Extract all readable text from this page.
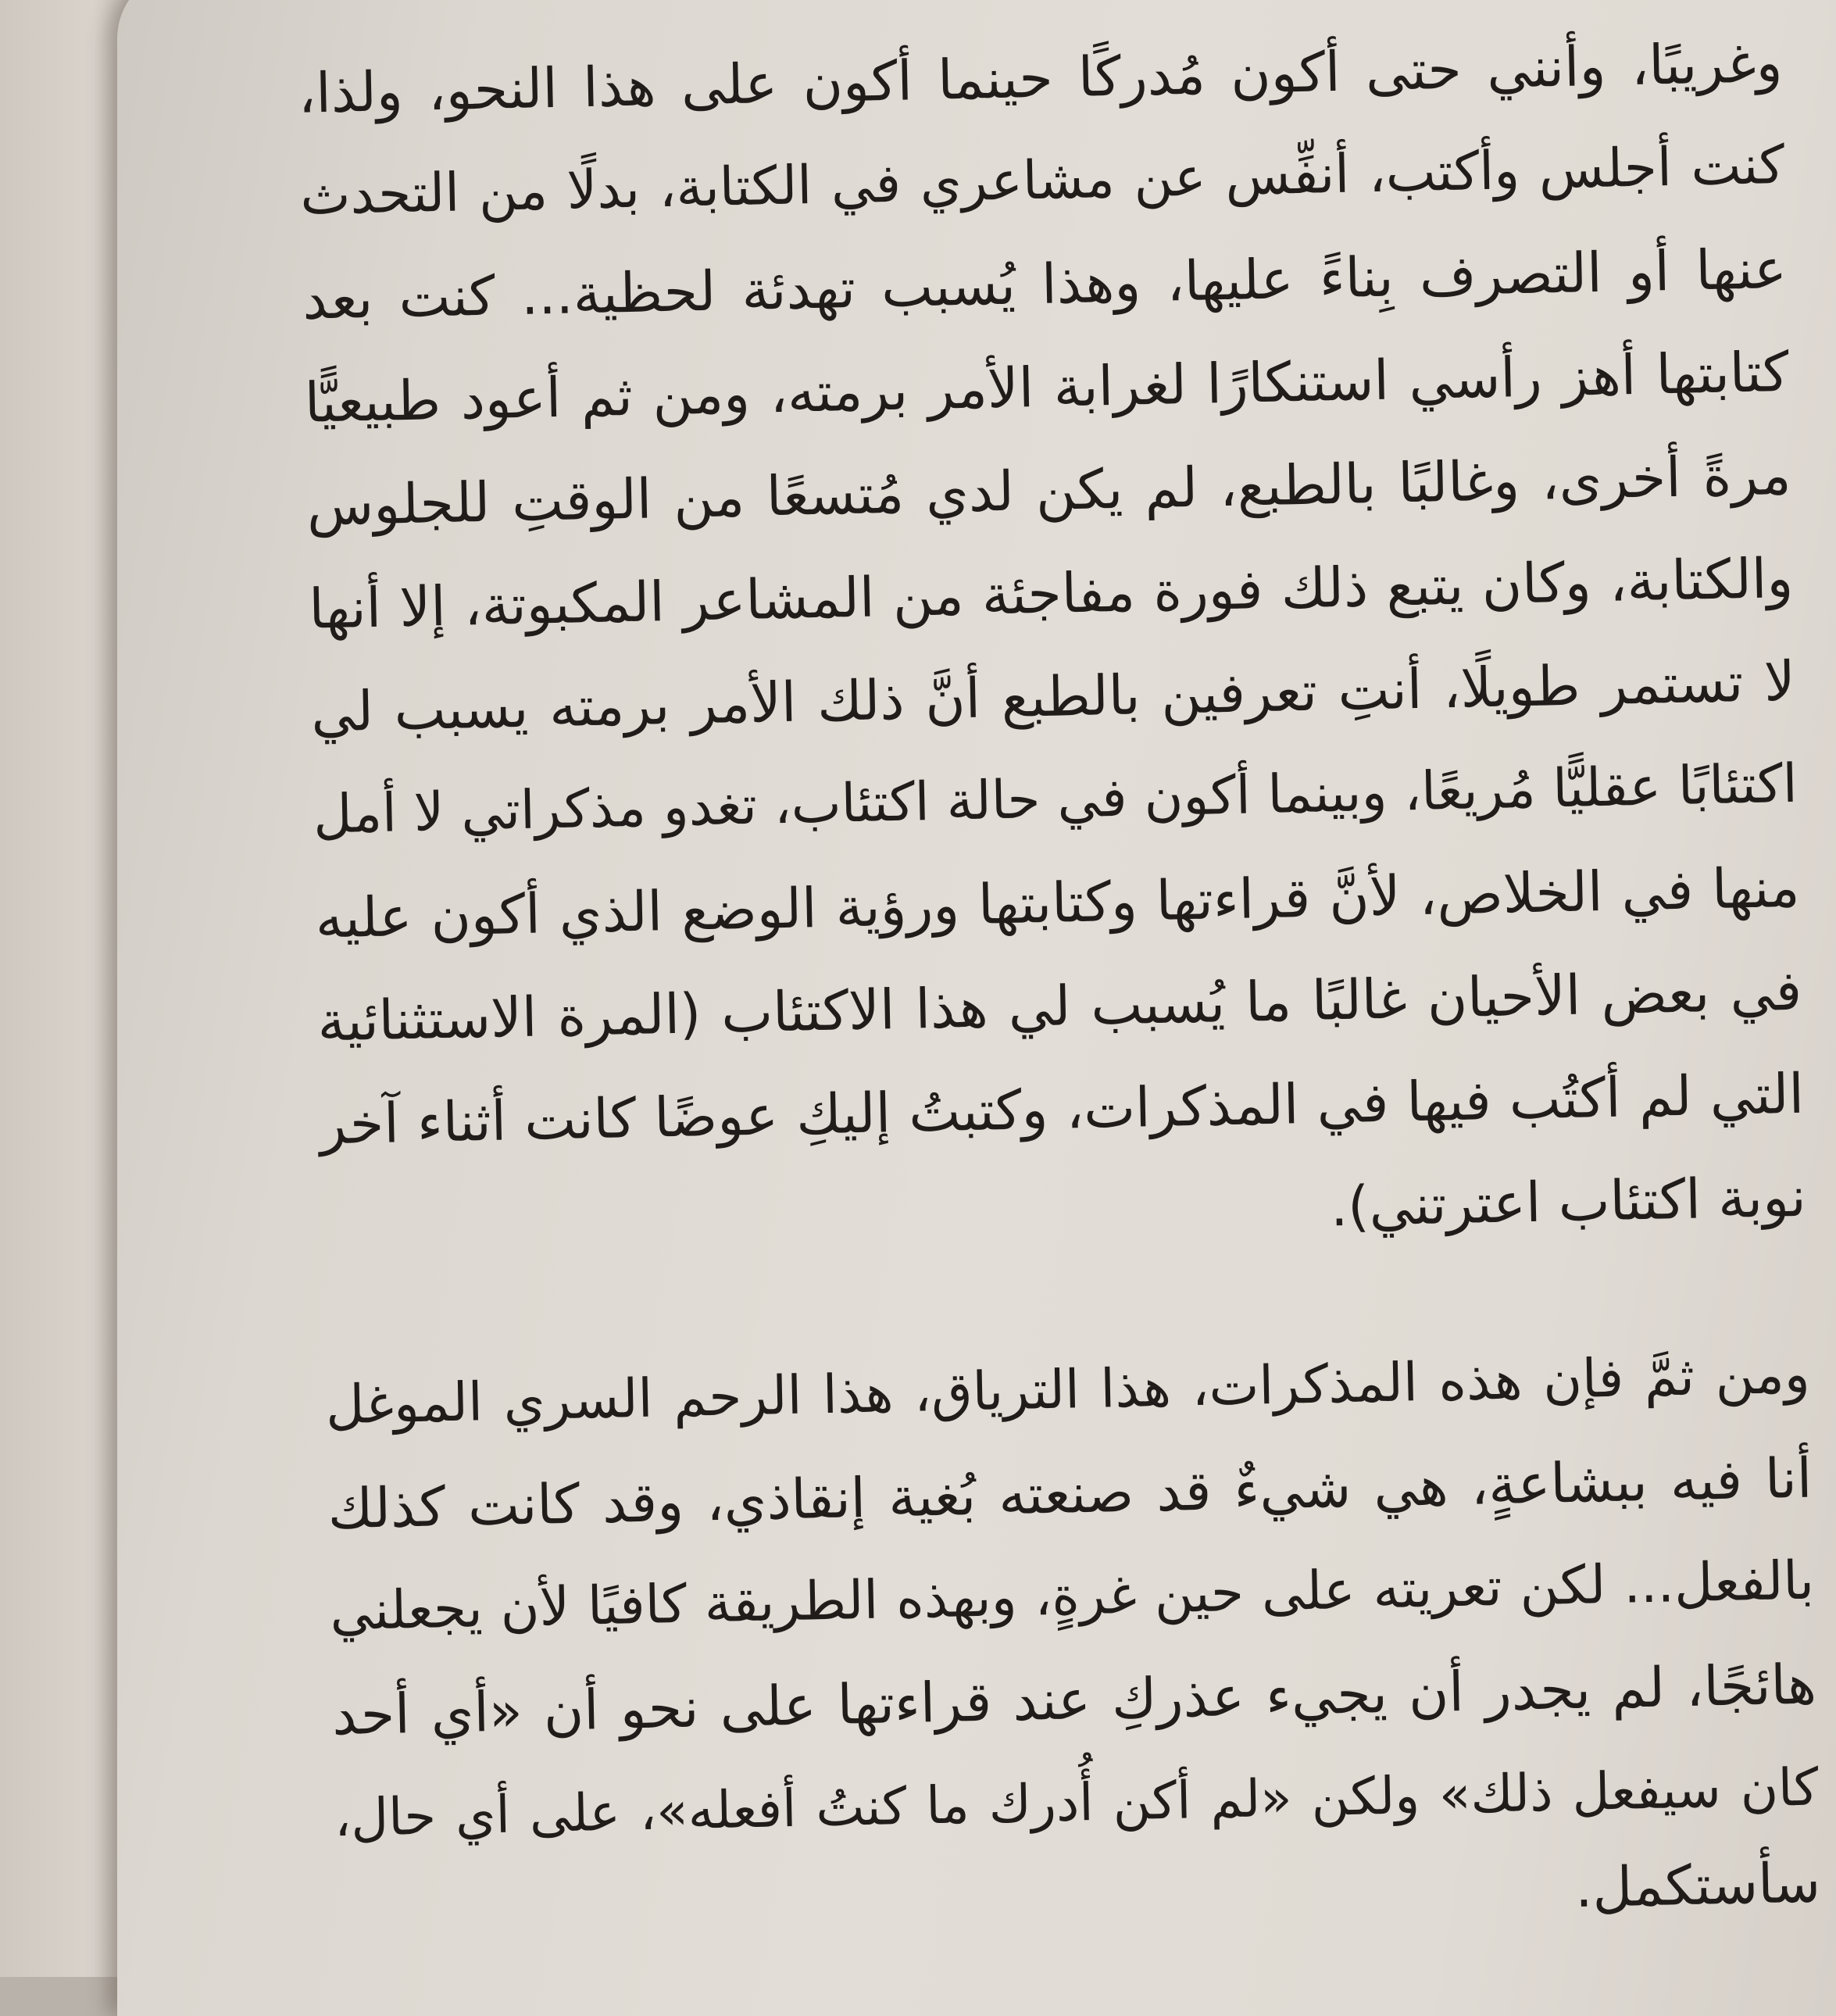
وغريبًا، وأنني حتى أكون مُدركًا حينما أكون على هذا النحو، ولذا،
كنت أجلس وأكتب، أنفِّس عن مشاعري في الكتابة، بدلًا من التحدث
عنها أو التصرف بِناءً عليها، وهذا يُسبب تهدئة لحظية... كنت بعد
كتابتها أهز رأسي استنكارًا لغرابة الأمر برمته، ومن ثم أعود طبيعيًّا
مرةً أخرى، وغالبًا بالطبع، لم يكن لدي مُتسعًا من الوقتِ للجلوس
والكتابة، وكان يتبع ذلك فورة مفاجئة من المشاعر المكبوتة، إلا أنها
لا تستمر طويلًا، أنتِ تعرفين بالطبع أنَّ ذلك الأمر برمته يسبب لي
اكتئابًا عقليًّا مُريعًا، وبينما أكون في حالة اكتئاب، تغدو مذكراتي لا أمل
منها في الخلاص، لأنَّ قراءتها وكتابتها ورؤية الوضع الذي أكون عليه
في بعض الأحيان غالبًا ما يُسبب لي هذا الاكتئاب (المرة الاستثنائية
التي لم أكتُب فيها في المذكرات، وكتبتُ إليكِ عوضًا كانت أثناء آخر
نوبة اكتئاب اعترتني).
ومن ثمَّ فإن هذه المذكرات، هذا الترياق، هذا الرحم السري الموغل
أنا فيه ببشاعةٍ، هي شيءٌ قد صنعته بُغية إنقاذي، وقد كانت كذلك
بالفعل... لكن تعريته على حين غرةٍ، وبهذه الطريقة كافيًا لأن يجعلني
هائجًا، لم يجدر أن يجيء عذركِ عند قراءتها على نحو أن «أي أحد
كان سيفعل ذلك» ولكن «لم أكن أُدرك ما كنتُ أفعله»، على أي حال،
سأستكمل.
